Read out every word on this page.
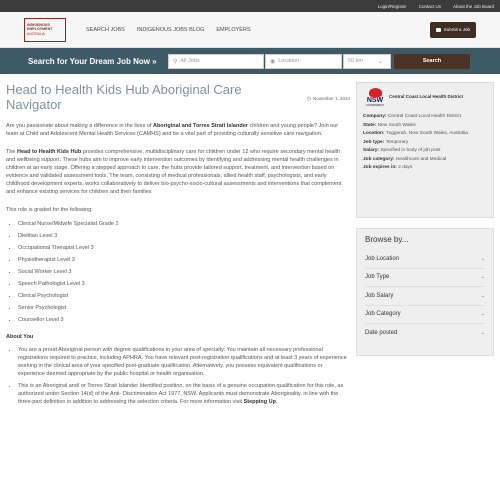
Login/Register	Contact Us	About the Job Board
INDIGENOUS
EMPLOYMENT
AUSTRALIA
SEARCH JOBS INDIGENOUS JOBS BLOG EMPLOYERS	Submit a Job
Search for Your Dream Job Now »	⚲ All Jobs	◉ Location	50 km ⌄	Search
Head to Health Kids Hub Aboriginal Care Navigator	◷ November 1, 2024

Are you passionate about making a difference in the lives of Aboriginal and Torres Strait Islander children and young people? Join our team at Child and Adolescent Mental Health Services (CAMHS) and be a vital part of providing culturally sensitive care navigation.

The Head to Health Kids Hub provides comprehensive, multidisciplinary care for children under 12 who require secondary mental health and wellbeing support. These hubs aim to improve early intervention outcomes by identifying and addressing mental health challenges in children at an early stage. Offering a stepped approach to care, the hubs provide tailored support, treatment, and intervention based on evidence and validated assessment tools. The team, consisting of medical professionals, allied health staff, psychologists, and early childhood development experts, works collaboratively to deliver bio-psycho-socio-cultural assessments and interventions that complement and enhance existing services for children and their families

This role is graded for the following:

• Clinical Nurse/Midwife Specialist Grade 2
• Dietitian Level 3
• Occupational Therapist Level 3
• Physiotherapist Level 3
• Social Worker Level 3
• Speech Pathologist Level 3
• Clinical Psychologist
• Senior Psychologist
• Counsellor Level 3
About You
• You are a proud Aboriginal person with degree qualifications in your area of specialty. You maintain all necessary professional registrations required to practice, including APHRA. You have relevant post-registration qualifications and at least 3 years of experience working in the clinical area of your specified post-graduate qualification. Alternatively, you possess equivalent qualifications or experience deemed appropriate by the public hospital or health organisation.
• This is an Aboriginal and/ or Torres Strait Islander Identified position, on the basis of a genuine occupation qualification for this role, as authorized under Section 14(d) of the Anti- Discrimination Act 1977, NSW. Applicants must demonstrate Aboriginality, in line with the three-part definition in addition to addressing the selection criteria. For more information visit Stepping Up.
NSW
GOVERNMENT
Central Coast Local Health District
Company: Central Coast Local Health District
State: New South Wales
Location: Tuggerah, New South Wales, Australia
Job type: Temporary
Salary: Specified in body of job post
Job category: Healthcare and Medical
Job expires in: 2 days
Browse by...
Job Location	⌄
Job Type	⌄
Job Salary	⌄
Job Category	⌄
Date posted	⌄
